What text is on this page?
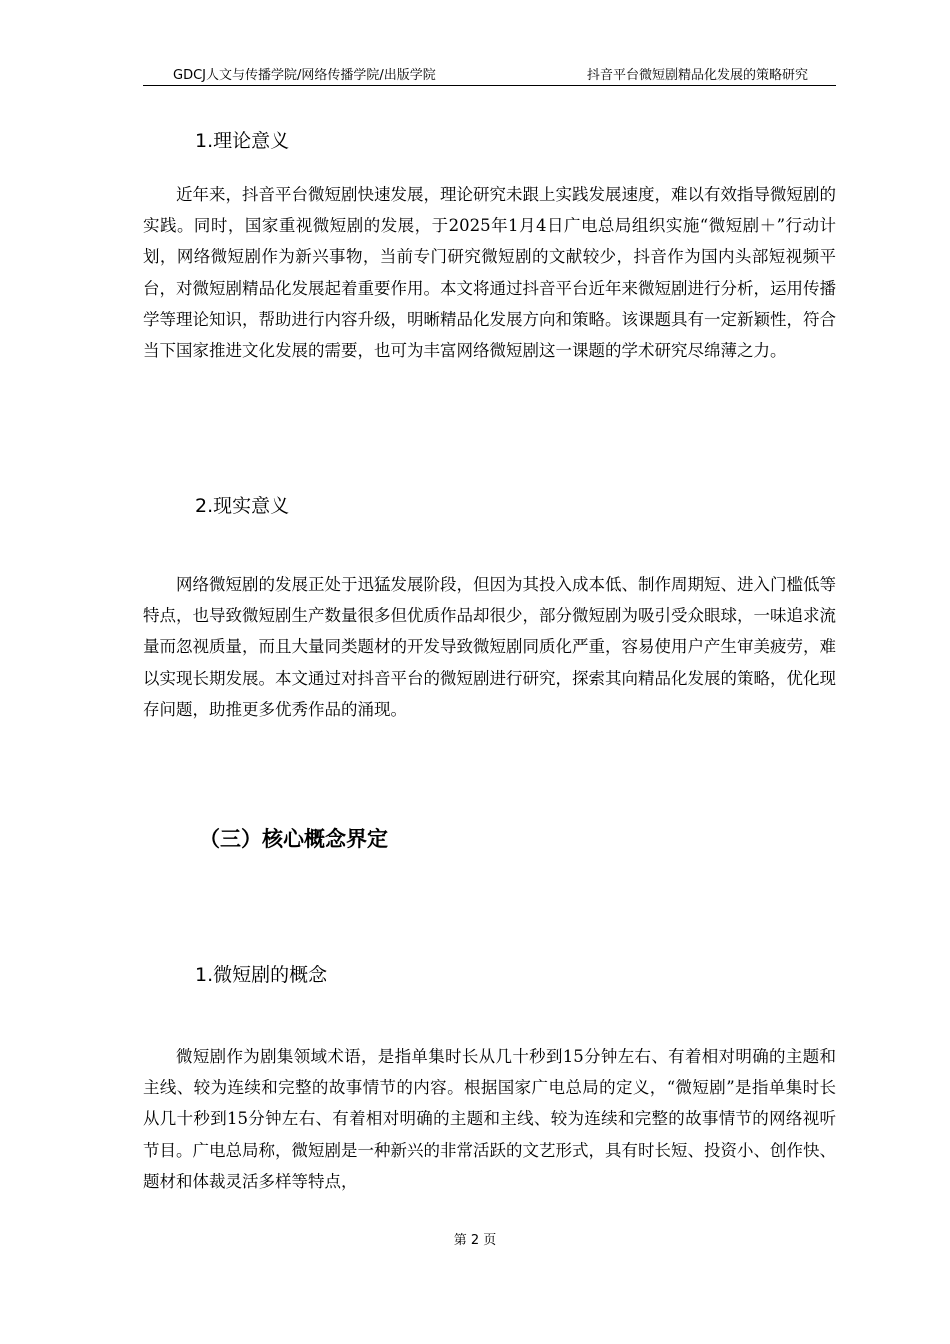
GDCJ人文与传播学院/网络传播学院/出版学院	抖音平台微短剧精品化发展的策略研究
1.理论意义

近年来，抖音平台微短剧快速发展，理论研究未跟上实践发展速度，难以有效指导微短剧的实践。同时，国家重视微短剧的发展，于2025年1月4日广电总局组织实施“微短剧＋”行动计划，网络微短剧作为新兴事物，当前专门研究微短剧的文献较少，抖音作为国内头部短视频平台，对微短剧精品化发展起着重要作用。本文将通过抖音平台近年来微短剧进行分析，运用传播学等理论知识，帮助进行内容升级，明晰精品化发展方向和策略。该课题具有一定新颖性，符合当下国家推进文化发展的需要，也可为丰富网络微短剧这一课题的学术研究尽绵薄之力。

2.现实意义

网络微短剧的发展正处于迅猛发展阶段，但因为其投入成本低、制作周期短、进入门槛低等特点，也导致微短剧生产数量很多但优质作品却很少，部分微短剧为吸引受众眼球，一味追求流量而忽视质量，而且大量同类题材的开发导致微短剧同质化严重，容易使用户产生审美疲劳，难以实现长期发展。本文通过对抖音平台的微短剧进行研究，探索其向精品化发展的策略，优化现存问题，助推更多优秀作品的涌现。

（三）核心概念界定
1.微短剧的概念

微短剧作为剧集领域术语，是指单集时长从几十秒到15分钟左右、有着相对明确的主题和主线、较为连续和完整的故事情节的内容。根据国家广电总局的定义，“微短剧”是指单集时长从几十秒到15分钟左右、有着相对明确的主题和主线、较为连续和完整的故事情节的网络视听节目。广电总局称，微短剧是一种新兴的非常活跃的文艺形式，具有时长短、投资小、创作快、题材和体裁灵活多样等特点，

第 2 页
